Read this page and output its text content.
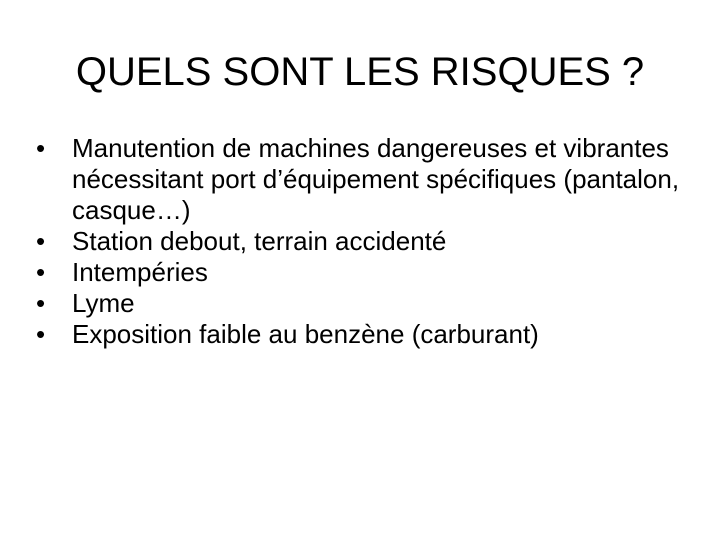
QUELS SONT LES RISQUES ?
•	Manutention de machines dangereuses et vibrantes nécessitant port d’équipement spécifiques (pantalon, casque…)
•	Station debout, terrain accidenté
•	Intempéries
•	Lyme
•	Exposition faible au benzène (carburant)
